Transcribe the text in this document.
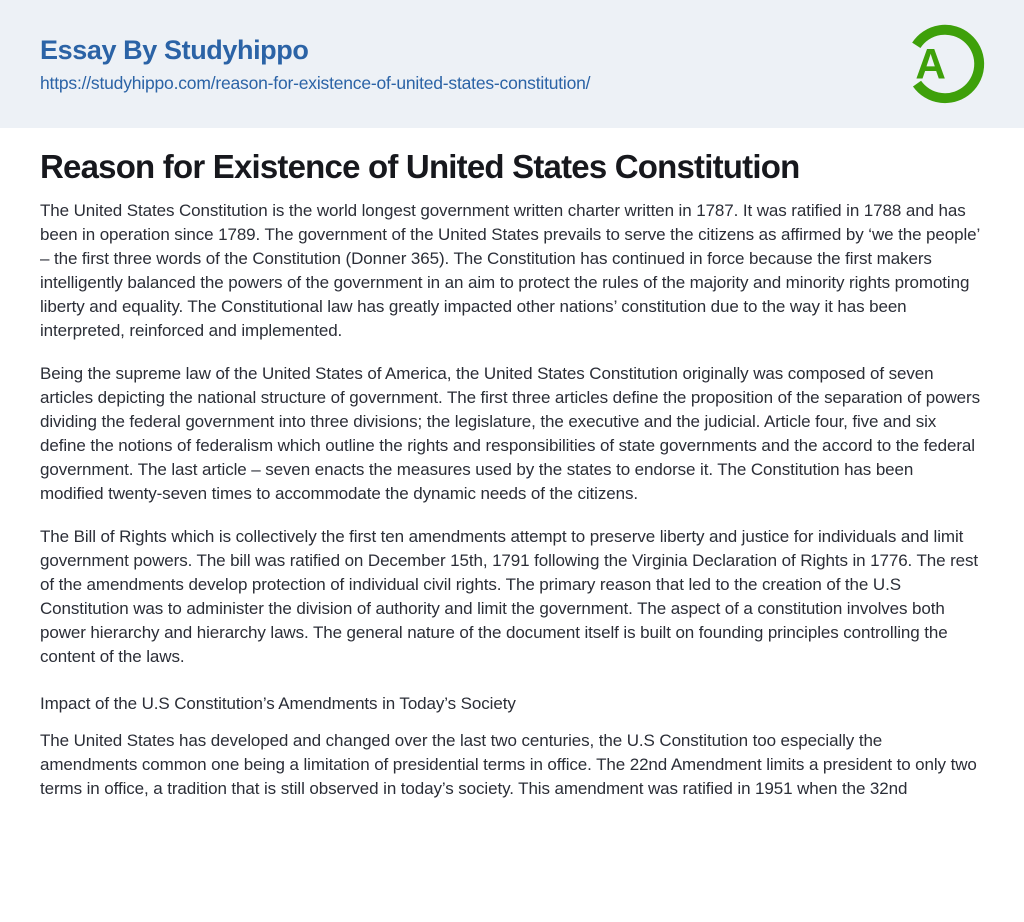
Essay By Studyhippo
https://studyhippo.com/reason-for-existence-of-united-states-constitution/	A
Reason for Existence of United States Constitution

The United States Constitution is the world longest government written charter written in 1787. It was ratified in 1788 and has been in operation since 1789. The government of the United States prevails to serve the citizens as affirmed by ‘we the people’ – the first three words of the Constitution (Donner 365). The Constitution has continued in force because the first makers intelligently balanced the powers of the government in an aim to protect the rules of the majority and minority rights promoting liberty and equality. The Constitutional law has greatly impacted other nations’ constitution due to the way it has been interpreted, reinforced and implemented.

Being the supreme law of the United States of America, the United States Constitution originally was composed of seven articles depicting the national structure of government. The first three articles define the proposition of the separation of powers dividing the federal government into three divisions; the legislature, the executive and the judicial. Article four, five and six define the notions of federalism which outline the rights and responsibilities of state governments and the accord to the federal government. The last article – seven enacts the measures used by the states to endorse it. The Constitution has been modified twenty-seven times to accommodate the dynamic needs of the citizens.

The Bill of Rights which is collectively the first ten amendments attempt to preserve liberty and justice for individuals and limit government powers. The bill was ratified on December 15th, 1791 following the Virginia Declaration of Rights in 1776. The rest of the amendments develop protection of individual civil rights. The primary reason that led to the creation of the U.S Constitution was to administer the division of authority and limit the government. The aspect of a constitution involves both power hierarchy and hierarchy laws. The general nature of the document itself is built on founding principles controlling the content of the laws.

Impact of the U.S Constitution’s Amendments in Today’s Society

The United States has developed and changed over the last two centuries, the U.S Constitution too especially the amendments common one being a limitation of presidential terms in office. The 22nd Amendment limits a president to only two terms in office, a tradition that is still observed in today’s society. This amendment was ratified in 1951 when the 32nd
